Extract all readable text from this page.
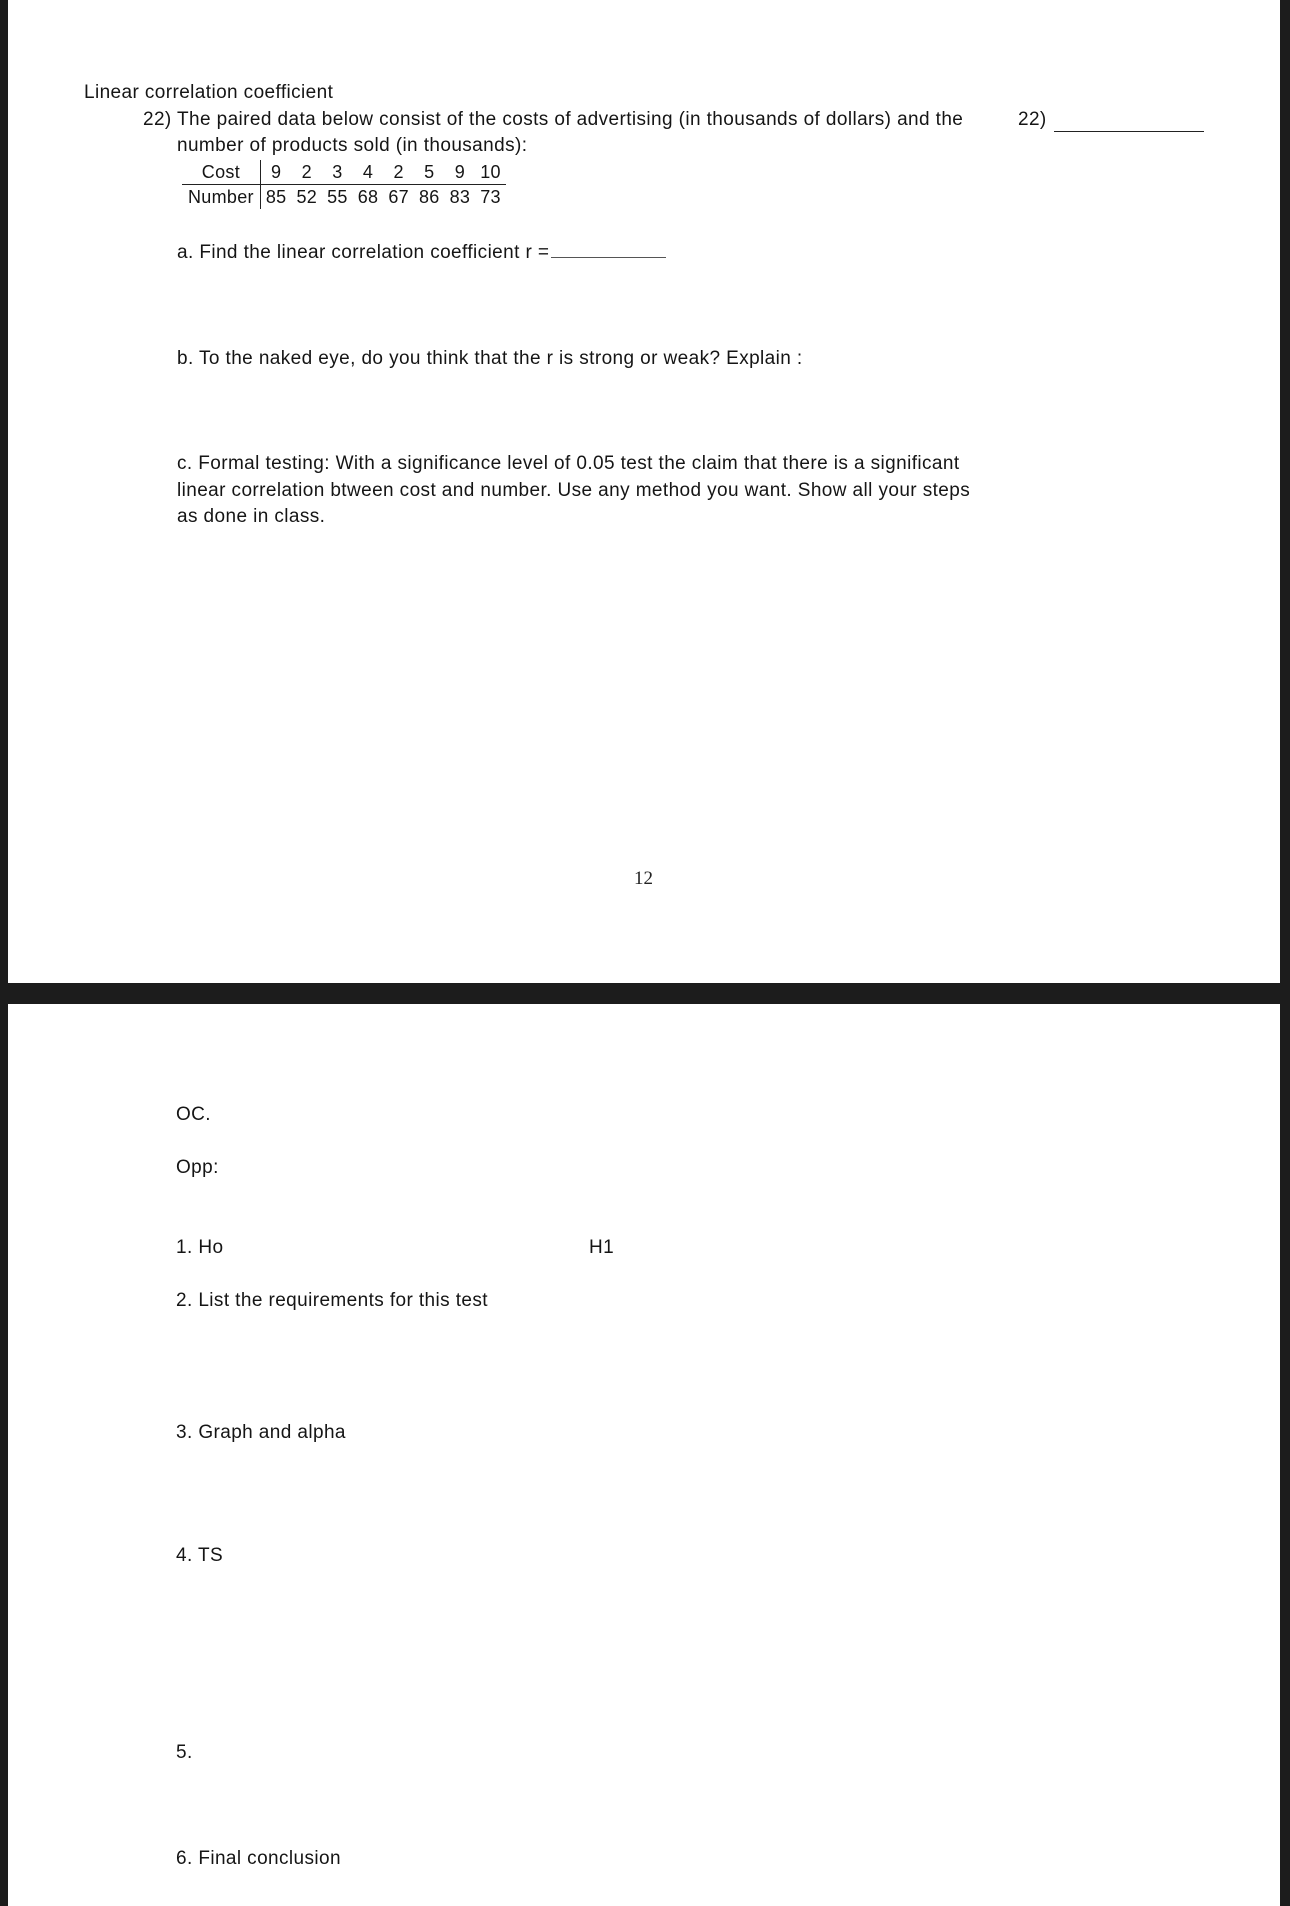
Linear correlation coefficient
22) The paired data below consist of the costs of advertising (in thousands of dollars) and the
number of products sold (in thousands):
22)
Cost	9	2	3	4	2	5	9	10
Number	85	52	55	68	67	86	83	73
a. Find the linear correlation coefficient r =
b. To the naked eye, do you think that the r is strong or weak? Explain :
c. Formal testing: With a significance level of 0.05 test the claim that there is a significant
linear correlation btween cost and number. Use any method you want. Show all your steps
as done in class.
12
OC.
Opp:
1. Ho	H1
2. List the requirements for this test
3. Graph and alpha
4. TS
5.
6. Final conclusion
